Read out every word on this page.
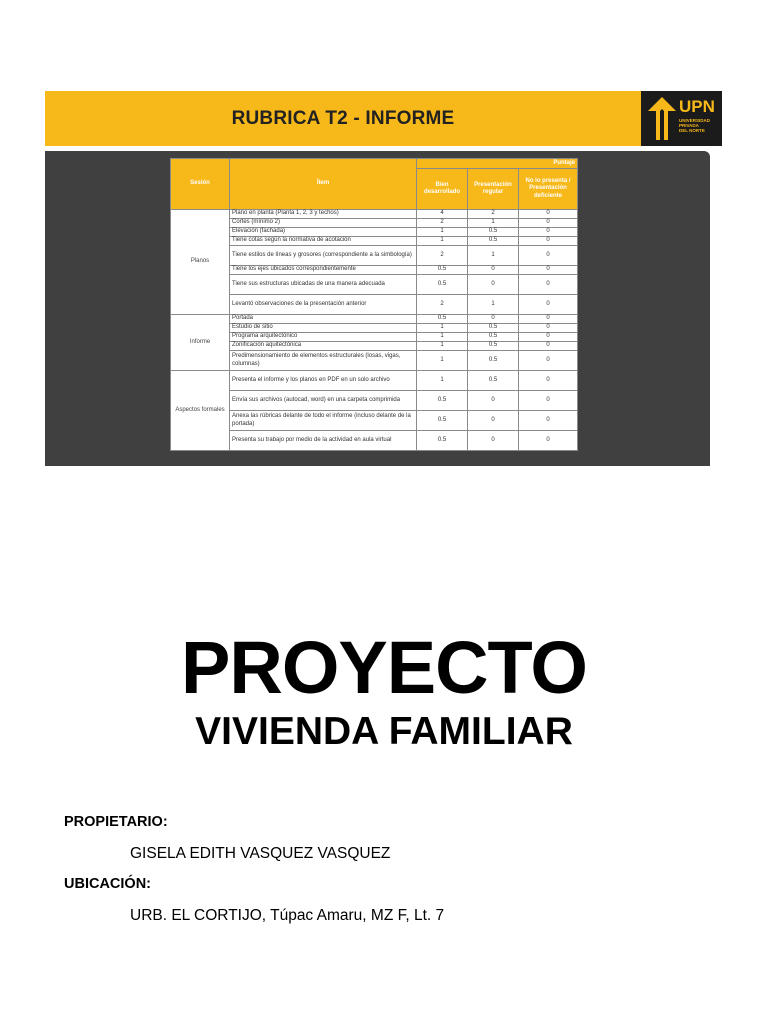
RUBRICA T2 - INFORME
UPN
UNIVERSIDAD
PRIVADA
DEL NORTE
Sesión	Ítem	Puntaje		
		Bien desarrollado	Presentación regular	No lo presenta / Presentación deficiente
Planos	Plano en planta (Planta 1, 2, 3 y techos)	4	2	0
	Cortes (mínimo 2)	2	1	0
	Elevación (fachada)	1	0.5	0
	Tiene cotas según la normativa de acotación	1	0.5	0
	Tiene estilos de líneas y grosores (correspondiente a la simbología)	2	1	0
	Tiene los ejes ubicados correspondientemente	0.5	0	0
	Tiene sus estructuras ubicadas de una manera adecuada	0.5	0	0
	Levantó observaciones de la presentación anterior	2	1	0
Informe	Portada	0.5	0	0
	Estudio de sitio	1	0.5	0
	Programa arquitectónico	1	0.5	0
	Zonificación aquitectónica	1	0.5	0
	Predimensionamiento de elementos estructurales (losas, vigas, columnas)	1	0.5	0
Aspectos formales	Presenta el informe y los planos en PDF en un solo archivo	1	0.5	0
	Envía sus archivos (autocad, word) en una carpeta comprimida	0.5	0	0
	Anexa las rúbricas delante de todo el informe (incluso delante de la portada)	0.5	0	0
	Presenta su trabajo por medio de la actividad en aula virtual	0.5	0	0
PROYECTO
VIVIENDA FAMILIAR
PROPIETARIO:
GISELA EDITH VASQUEZ VASQUEZ
UBICACIÓN:
URB. EL CORTIJO, Túpac Amaru, MZ F, Lt. 7
